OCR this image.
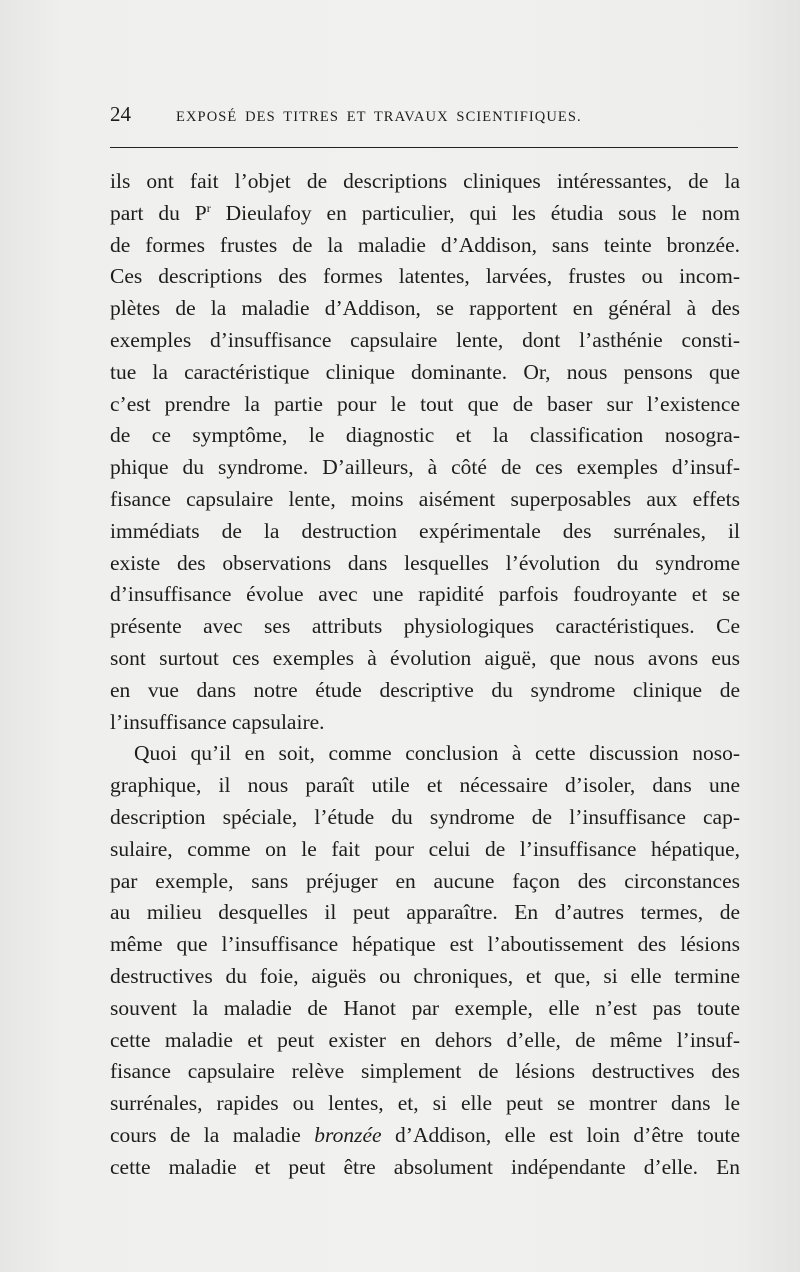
24	EXPOSÉ DES TITRES ET TRAVAUX SCIENTIFIQUES.
ils ont fait l’objet de descriptions cliniques intéressantes, de la
part du $P^r$ Dieulafoy en particulier, qui les étudia sous le nom
de formes frustes de la maladie d’Addison, sans teinte bronzée.
Ces descriptions des formes latentes, larvées, frustes ou incom-
plètes de la maladie d’Addison, se rapportent en général à des
exemples d’insuffisance capsulaire lente, dont l’asthénie consti-
tue la caractéristique clinique dominante. Or, nous pensons que
c’est prendre la partie pour le tout que de baser sur l’existence
de ce symptôme, le diagnostic et la classification nosogra-
phique du syndrome. D’ailleurs, à côté de ces exemples d’insuf-
fisance capsulaire lente, moins aisément superposables aux effets
immédiats de la destruction expérimentale des surrénales, il
existe des observations dans lesquelles l’évolution du syndrome
d’insuffisance évolue avec une rapidité parfois foudroyante et se
présente avec ses attributs physiologiques caractéristiques. Ce
sont surtout ces exemples à évolution aiguë, que nous avons eus
en vue dans notre étude descriptive du syndrome clinique de
l’insuffisance capsulaire.
Quoi qu’il en soit, comme conclusion à cette discussion noso-
graphique, il nous paraît utile et nécessaire d’isoler, dans une
description spéciale, l’étude du syndrome de l’insuffisance cap-
sulaire, comme on le fait pour celui de l’insuffisance hépatique,
par exemple, sans préjuger en aucune façon des circonstances
au milieu desquelles il peut apparaître. En d’autres termes, de
même que l’insuffisance hépatique est l’aboutissement des lésions
destructives du foie, aiguës ou chroniques, et que, si elle termine
souvent la maladie de Hanot par exemple, elle n’est pas toute
cette maladie et peut exister en dehors d’elle, de même l’insuf-
fisance capsulaire relève simplement de lésions destructives des
surrénales, rapides ou lentes, et, si elle peut se montrer dans le
cours de la maladie bronzée d’Addison, elle est loin d’être toute
cette maladie et peut être absolument indépendante d’elle. En
